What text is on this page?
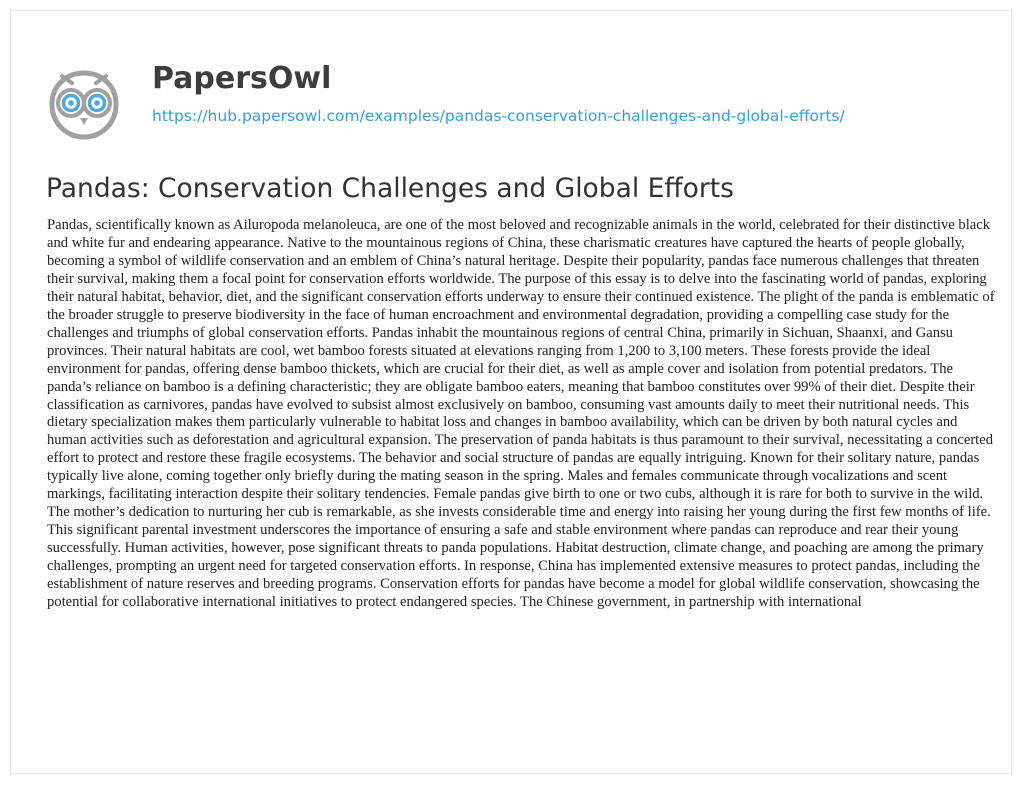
PapersOwl
https://hub.papersowl.com/examples/pandas-conservation-challenges-and-global-efforts/
Pandas: Conservation Challenges and Global Efforts

Pandas, scientifically known as Ailuropoda melanoleuca, are one of the most beloved and recognizable animals in the world, celebrated for their distinctive black and white fur and endearing appearance. Native to the mountainous regions of China, these charismatic creatures have captured the hearts of people globally, becoming a symbol of wildlife conservation and an emblem of China’s natural heritage. Despite their popularity, pandas face numerous challenges that threaten their survival, making them a focal point for conservation efforts worldwide. The purpose of this essay is to delve into the fascinating world of pandas, exploring their natural habitat, behavior, diet, and the significant conservation efforts underway to ensure their continued existence. The plight of the panda is emblematic of the broader struggle to preserve biodiversity in the face of human encroachment and environmental degradation, providing a compelling case study for the challenges and triumphs of global conservation efforts. Pandas inhabit the mountainous regions of central China, primarily in Sichuan, Shaanxi, and Gansu provinces. Their natural habitats are cool, wet bamboo forests situated at elevations ranging from 1,200 to 3,100 meters. These forests provide the ideal environment for pandas, offering dense bamboo thickets, which are crucial for their diet, as well as ample cover and isolation from potential predators. The panda’s reliance on bamboo is a defining characteristic; they are obligate bamboo eaters, meaning that bamboo constitutes over 99% of their diet. Despite their classification as carnivores, pandas have evolved to subsist almost exclusively on bamboo, consuming vast amounts daily to meet their nutritional needs. This dietary specialization makes them particularly vulnerable to habitat loss and changes in bamboo availability, which can be driven by both natural cycles and human activities such as deforestation and agricultural expansion. The preservation of panda habitats is thus paramount to their survival, necessitating a concerted effort to protect and restore these fragile ecosystems. The behavior and social structure of pandas are equally intriguing. Known for their solitary nature, pandas typically live alone, coming together only briefly during the mating season in the spring. Males and females communicate through vocalizations and scent markings, facilitating interaction despite their solitary tendencies. Female pandas give birth to one or two cubs, although it is rare for both to survive in the wild. The mother’s dedication to nurturing her cub is remarkable, as she invests considerable time and energy into raising her young during the first few months of life. This significant parental investment underscores the importance of ensuring a safe and stable environment where pandas can reproduce and rear their young successfully. Human activities, however, pose significant threats to panda populations. Habitat destruction, climate change, and poaching are among the primary challenges, prompting an urgent need for targeted conservation efforts. In response, China has implemented extensive measures to protect pandas, including the establishment of nature reserves and breeding programs. Conservation efforts for pandas have become a model for global wildlife conservation, showcasing the potential for collaborative international initiatives to protect endangered species. The Chinese government, in partnership with international
